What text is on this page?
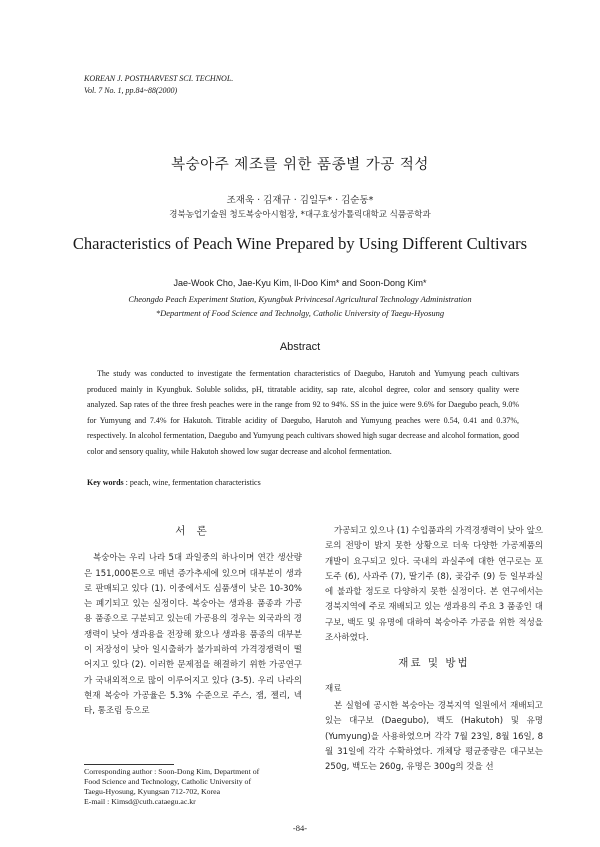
KOREAN J. POSTHARVEST SCI. TECHNOL.
Vol. 7 No. 1, pp.84~88(2000)
복숭아주 제조를 위한 품종별 가공 적성
조재욱 · 김재규 · 김일두* · 김순동*
경북농업기술원 청도복숭아시험장, *대구효성가톨릭대학교 식품공학과
Characteristics of Peach Wine Prepared by Using Different Cultivars
Jae-Wook Cho, Jae-Kyu Kim, Il-Doo Kim* and Soon-Dong Kim*
Cheongdo Peach Experiment Station, Kyungbuk Privincesal Agricultural Technology Administration
*Department of Food Science and Technolgy, Catholic University of Taegu-Hyosung
Abstract
The study was conducted to investigate the fermentation characteristics of Daegubo, Harutoh and Yumyung peach cultivars produced mainly in Kyungbuk. Soluble solidss, pH, titratable acidity, sap rate, alcohol degree, color and sensory quality were analyzed. Sap rates of the three fresh peaches were in the range from 92 to 94%. SS in the juice were 9.6% for Daegubo peach, 9.0% for Yumyung and 7.4% for Hakutoh. Titrable acidity of Daegubo, Harutoh and Yumyung peaches were 0.54, 0.41 and 0.37%, respectively. In alcohol fermentation, Daegubo and Yumyung peach cultivars showed high sugar decrease and alcohol formation, good color and sensory quality, while Hakutoh showed low sugar decrease and alcohol fermentation.
Key words : peach, wine, fermentation characteristics
서 론

복숭아는 우리 나라 5대 과일중의 하나이며 연간 생산량은 151,000톤으로 매년 증가추세에 있으며 대부분이 생과로 판매되고 있다 (1). 이중에서도 심품생이 낮은 10-30%는 폐기되고 있는 실정이다. 복숭아는 생과용 품종과 가공용 품종으로 구분되고 있는데 가공용의 경우는 외국과의 경쟁력이 낮아 생과용을 전장해 왔으나 생과용 품종의 대부분이 저장성이 낮아 일시출하가 불가피하여 가격경쟁력이 떨어지고 있다 (2). 이러한 문제점을 해결하기 위한 가공연구가 국내외적으로 많이 이루어지고 있다 (3-5). 우리 나라의 현재 복숭아 가공율은 5.3% 수준으로 주스, 잼, 젤리, 넥타, 통조림 등으로

가공되고 있으나 (1) 수입품과의 가격경쟁력이 낮아 앞으로의 전망이 밝지 못한 상황으로 더욱 다양한 가공제품의 개발이 요구되고 있다. 국내의 과실주에 대한 연구로는 포도주 (6), 사과주 (7), 딸기주 (8), 곶감주 (9) 등 일부과실에 불과할 정도로 다양하지 못한 실정이다. 본 연구에서는 경북지역에 주로 재배되고 있는 생과용의 주요 3 품종인 대구보, 백도 및 유명에 대하여 복숭아주 가공을 위한 적성을 조사하였다.

재료 및 방법
재료

본 실험에 공시한 복숭아는 경북지역 일원에서 재배되고 있는 대구보 (Daegubo), 백도 (Hakutoh) 및 유명 (Yumyung)을 사용하였으며 각각 7월 23일, 8월 16일, 8월 31일에 각각 수확하였다. 개체당 평균중량은 대구보는 250g, 백도는 260g, 유명은 300g의 것을 선

Corresponding author : Soon-Dong Kim, Department of
Food Science and Technology, Catholic University of
Taegu-Hyosung, Kyungsan 712-702, Korea
E-mail : Kimsd@cuth.cataegu.ac.kr
-84-
